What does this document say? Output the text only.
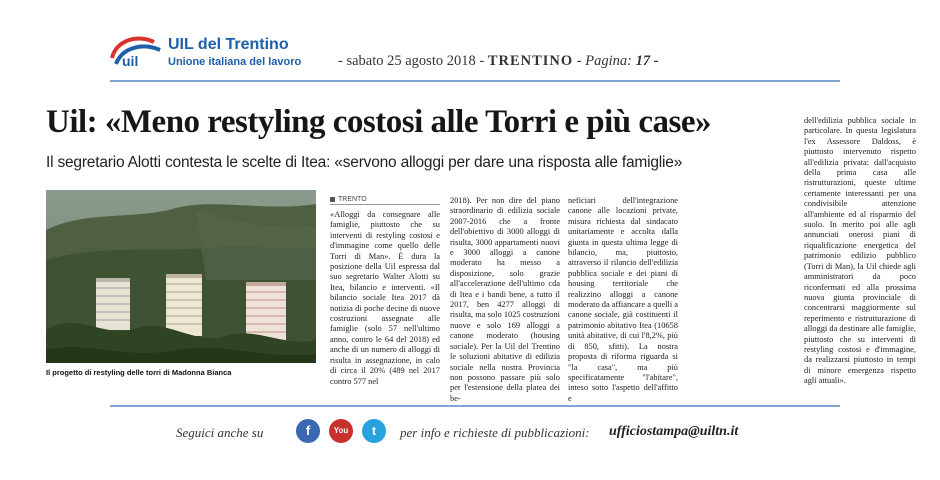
uil
UIL del Trentino
Unione italiana del lavoro	- sabato 25 agosto 2018 - TRENTINO - Pagina: 17 -
Uil: «Meno restyling costosi alle Torri e più case»
Il segretario Alotti contesta le scelte di Itea: «servono alloggi per dare una risposta alle famiglie»
Il progetto di restyling delle torri di Madonna Bianca
TRENTO
«Alloggi da consegnare alle famiglie, piuttosto che su interventi di restyling costosi e d'immagine come quello delle Torri di Man». È dura la posizione della Uil espressa dal suo segretario Walter Alotti su Itea, bilancio e interventi. «Il bilancio sociale Itea 2017 dà notizia di poche decine di nuove costruzioni assegnate alle famiglie (solo 57 nell'ultimo anno, contro le 64 del 2018) ed anche di un numero di alloggi di risulta in assegnazione, in calo di circa il 20% (489 nel 2017 contro 577 nel
2018). Per non dire del piano straordinario di edilizia sociale 2007-2016 che a fronte dell'obiettivo di 3000 alloggi di risulta, 3000 appartamenti nuovi e 3000 alloggi a canone moderato ha messo a disposizione, solo grazie all'accelerazione dell'ultimo cda di Itea e i bandi bene, a tutto il 2017, ben 4277 alloggi di risulta, ma solo 1025 costruzioni nuove e solo 169 alloggi a canone moderato (housing sociale). Per la Uil del Trentino le soluzioni abitative di edilizia sociale nella nostra Provincia non possono passare più solo per l'estensione della platea dei be-
neficiari dell'integrazione canone alle locazioni private, misura richiesta dal sindacato unitariamente e accolta dalla giunta in questa ultima legge di bilancio, ma, piuttosto, attraverso il rilancio dell'edilizia pubblica sociale e dei piani di housing territoriale che realizzino alloggi a canone moderato da affiancare a quelli a canone sociale, già costituenti il patrimonio abitativo Itea (10658 unità abitative, di cui l'8,2%, più di 850, sfitti). La nostra proposta di riforma riguarda si "la casa", ma più specificatamente "l'abitare", inteso sotto l'aspetto dell'affitto e
dell'edilizia pubblica sociale in particolare. In questa legislatura l'ex Assessore Daldoss, è piuttosto intervenuto rispetto all'edilizia privata: dall'acquisto della prima casa alle ristrutturazioni, queste ultime certamente interessanti per una condivisibile attenzione all'ambiente ed al risparmio del suolo. In merito poi alle agli annunciati onerosi piani di riqualificazione energetica del patrimonio edilizio pubblico (Torri di Man), la Uil chiede agli amministratori da poco riconfermati ed alla prossima nuova giunta provinciale di concentrarsi maggiormente sul reperimento e ristrutturazione di alloggi da destinare alle famiglie, piuttosto che su interventi di restyling costosi e d'immagine, da realizzarsi piuttosto in tempi di minore emergenza rispetto agli attuali».
Seguici anche su	f	You	t	per info e richieste di pubblicazioni: ufficiostampa@uiltn.it
